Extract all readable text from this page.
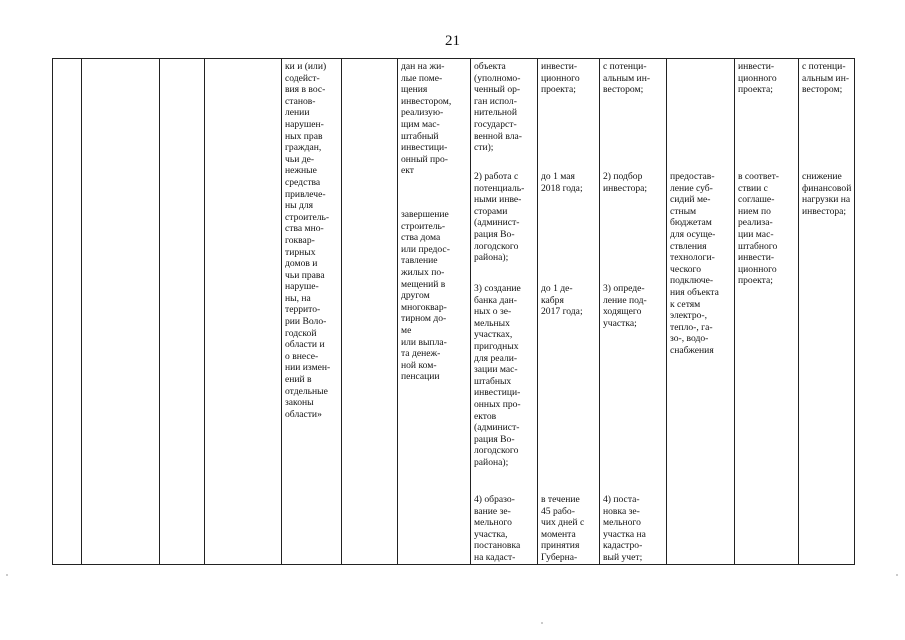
21
ки и (или)
содейст-
вия в вос-
станов-
лении
нарушен-
ных прав
граждан,
чьи де-
нежные
средства
привлече-
ны для
строитель-
ства мно-
гоквар-
тирных
домов и
чьи права
наруше-
ны, на
террито-
рии Воло-
годской
области и
о внесе-
нии измен-
ений в
отдельные
законы
области»
дан на жи-
лые поме-
щения
инвестором,
реализую-
щим мас-
штабный
инвестици-
онный про-
ект
завершение
строитель-
ства дома
или предос-
тавление
жилых по-
мещений в
другом
многоквар-
тирном до-
ме
или выпла-
та денеж-
ной ком-
пенсации
объекта
(уполномо-
ченный ор-
ган испол-
нительной
государст-
венной вла-
сти);
2) работа с
потенциаль-
ными инве-
сторами
(админист-
рация Во-
логодского
района);
3) создание
банка дан-
ных о зе-
мельных
участках,
пригодных
для реали-
зации мас-
штабных
инвестици-
онных про-
ектов
(админист-
рация Во-
логодского
района);
4) образо-
вание зе-
мельного
участка,
постановка
на кадаст-
инвести-
ционного
проекта;
до 1 мая
2018 года;
до 1 де-
кабря
2017 года;
в течение
45 рабо-
чих дней с
момента
принятия
Губерна-
с потенци-
альным ин-
вестором;
2) подбор
инвестора;
3) опреде-
ление под-
ходящего
участка;
4) поста-
новка зе-
мельного
участка на
кадастро-
вый учет;
предостав-
ление суб-
сидий ме-
стным
бюджетам
для осуще-
ствления
технологи-
ческого
подключе-
ния объекта
к сетям
электро-,
тепло-, га-
зо-, водо-
снабжения
инвести-
ционного
проекта;
в соответ-
ствии с
соглаше-
нием по
реализа-
ции мас-
штабного
инвести-
ционного
проекта;
с потенци-
альным ин-
вестором;
снижение
финансовой
нагрузки на
инвестора;
